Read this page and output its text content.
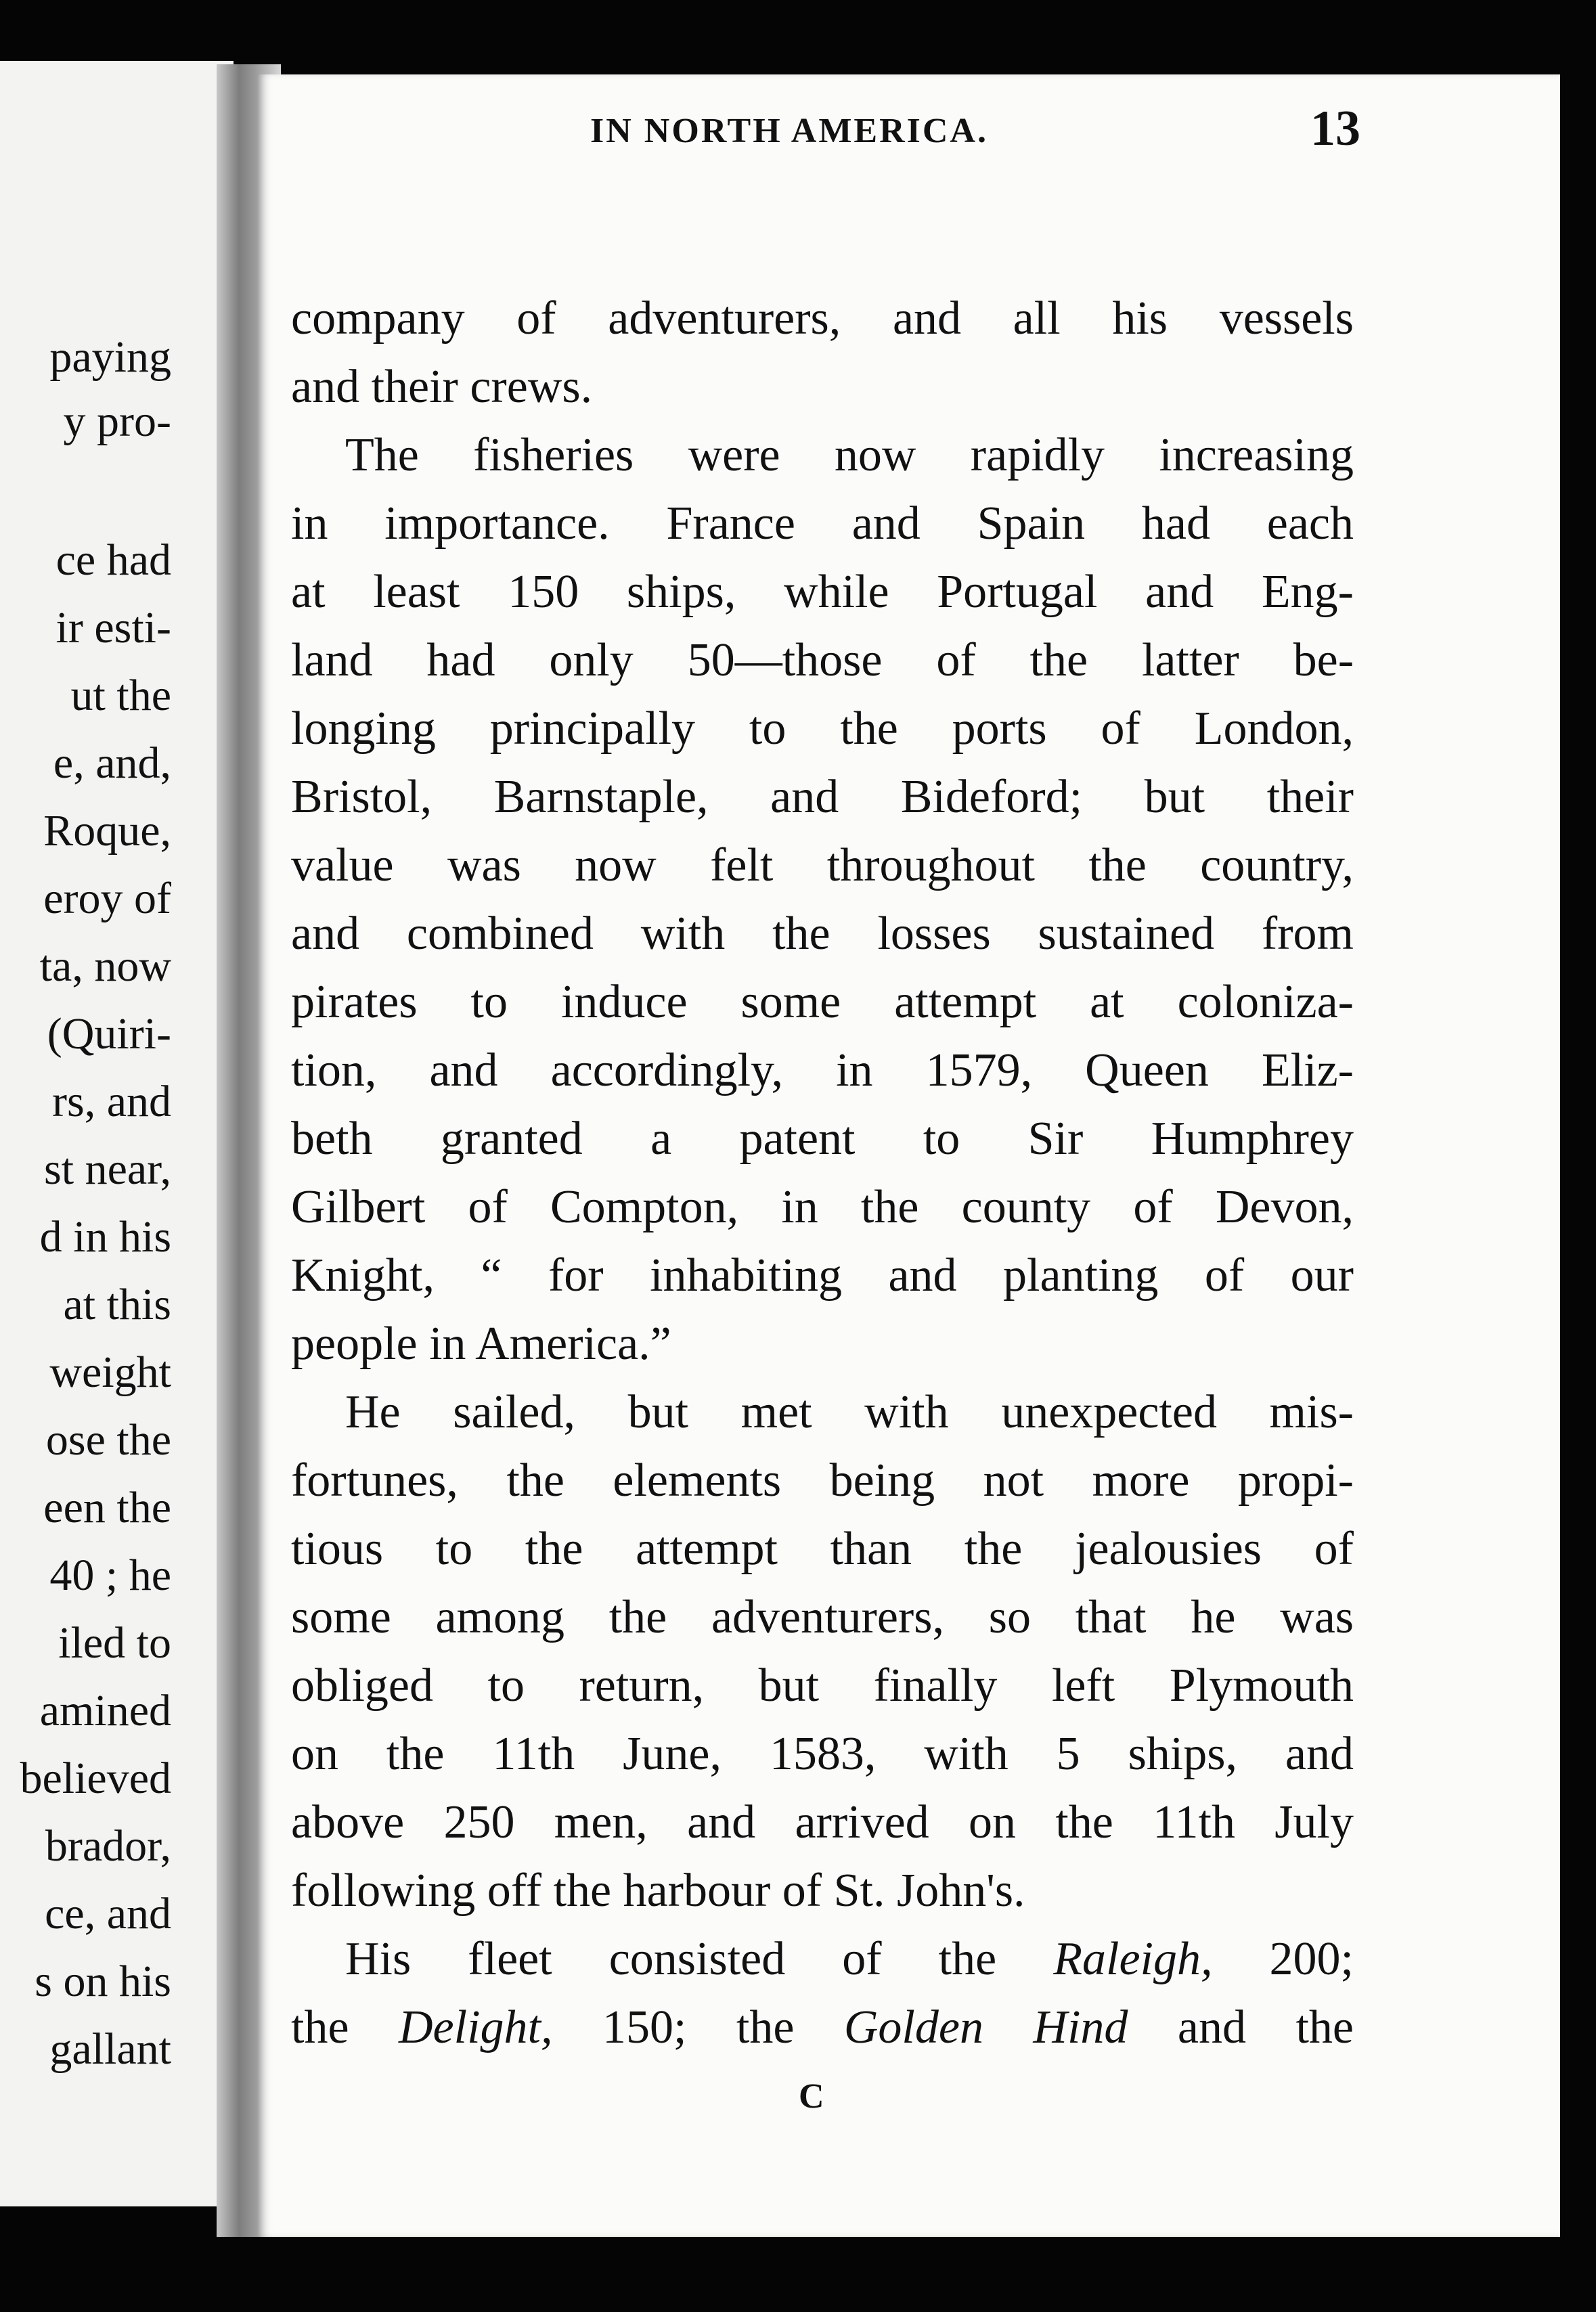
paying
y pro-
ce had
ir esti-
ut the
e, and,
Roque,
eroy of
ta, now
(Quiri-
rs, and
st near,
d in his
at this
weight
ose the
een the
40 ; he
iled to
amined
believed
brador,
ce, and
s on his
gallant
IN NORTH AMERICA.	13
company of adventurers, and all his vessels
and their crews.
The fisheries were now rapidly increasing
in importance. France and Spain had each
at least 150 ships, while Portugal and Eng-
land had only 50—those of the latter be-
longing principally to the ports of London,
Bristol, Barnstaple, and Bideford; but their
value was now felt throughout the country,
and combined with the losses sustained from
pirates to induce some attempt at coloniza-
tion, and accordingly, in 1579, Queen Eliz-
beth granted a patent to Sir Humphrey
Gilbert of Compton, in the county of Devon,
Knight, “ for inhabiting and planting of our
people in America.”
He sailed, but met with unexpected mis-
fortunes, the elements being not more propi-
tious to the attempt than the jealousies of
some among the adventurers, so that he was
obliged to return, but finally left Plymouth
on the 11th June, 1583, with 5 ships, and
above 250 men, and arrived on the 11th July
following off the harbour of St. John's.
His fleet consisted of the Raleigh, 200;
the Delight, 150; the Golden Hind and the
C
